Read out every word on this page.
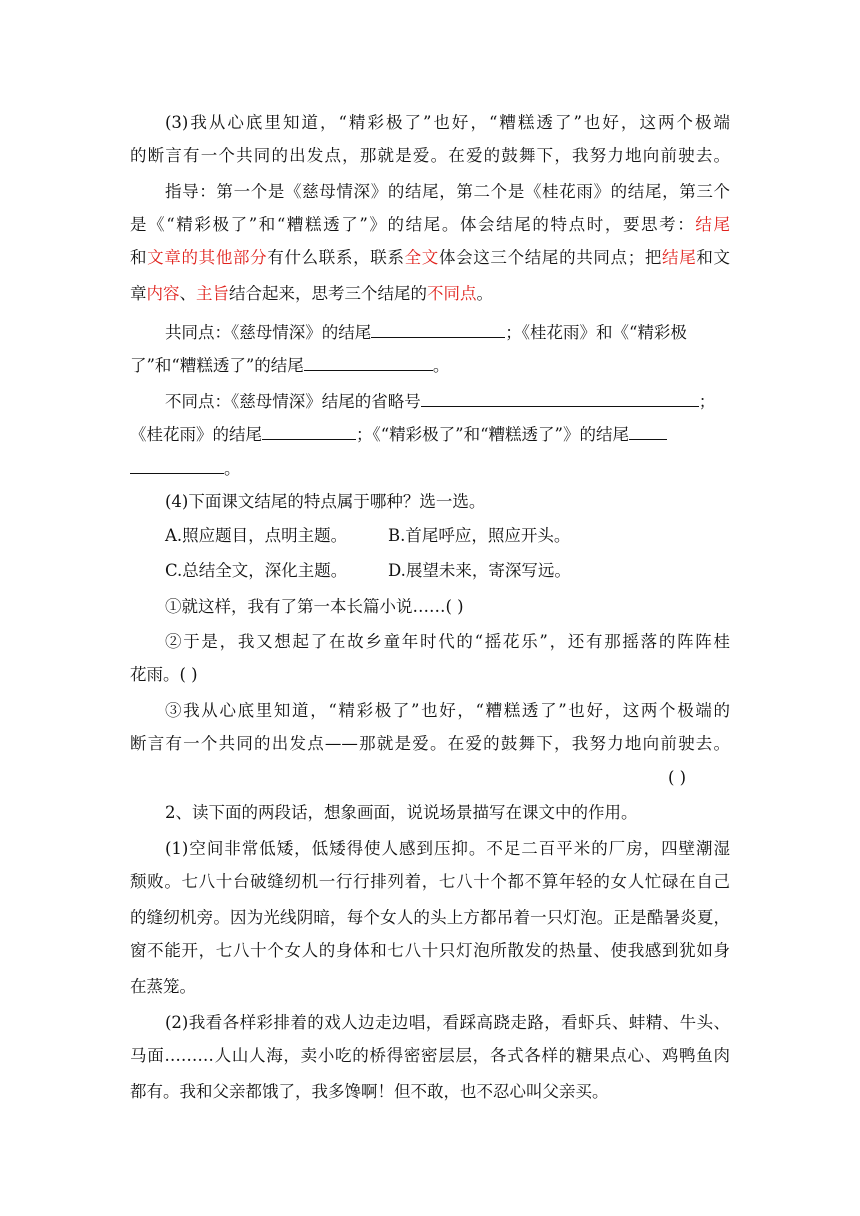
(3)我从心底里知道，“精彩极了”也好，“糟糕透了”也好，这两个极端
的断言有一个共同的出发点，那就是爱。在爱的鼓舞下，我努力地向前驶去。
指导：第一个是《慈母情深》的结尾，第二个是《桂花雨》的结尾，第三个
是《“精彩极了”和“糟糕透了”》的结尾。体会结尾的特点时，要思考：结尾
和文章的其他部分有什么联系，联系全文体会这三个结尾的共同点；把结尾和文
章内容、主旨结合起来，思考三个结尾的不同点。
共同点：《慈母情深》的结尾	；《桂花雨》和《“精彩极
了”和“糟糕透了”的结尾	。
不同点：《慈母情深》结尾的省略号	；
《桂花雨》的结尾	；《“精彩极了”和“糟糕透了”》的结尾
。
(4)下面课文结尾的特点属于哪种？选一选。
A.照应题目，点明主题。 B.首尾呼应，照应开头。
C.总结全文，深化主题。 D.展望未来，寄深写远。
①就这样，我有了第一本长篇小说……( )
②于是，我又想起了在故乡童年时代的“摇花乐”，还有那摇落的阵阵桂
花雨。( )
③我从心底里知道，“精彩极了”也好，“糟糕透了”也好，这两个极端的
断言有一个共同的出发点——那就是爱。在爱的鼓舞下，我努力地向前驶去。
( )
2、读下面的两段话，想象画面，说说场景描写在课文中的作用。
(1)空间非常低矮，低矮得使人感到压抑。不足二百平米的厂房，四壁潮湿
颓败。七八十台破缝纫机一行行排列着，七八十个都不算年轻的女人忙碌在自己
的缝纫机旁。因为光线阴暗，每个女人的头上方都吊着一只灯泡。正是酷暑炎夏，
窗不能开，七八十个女人的身体和七八十只灯泡所散发的热量、使我感到犹如身
在蒸笼。
(2)我看各样彩排着的戏人边走边唱，看踩高跷走路，看虾兵、蚌精、牛头、
马面………人山人海，卖小吃的桥得密密层层，各式各样的糖果点心、鸡鸭鱼肉
都有。我和父亲都饿了，我多馋啊！但不敢，也不忍心叫父亲买。
